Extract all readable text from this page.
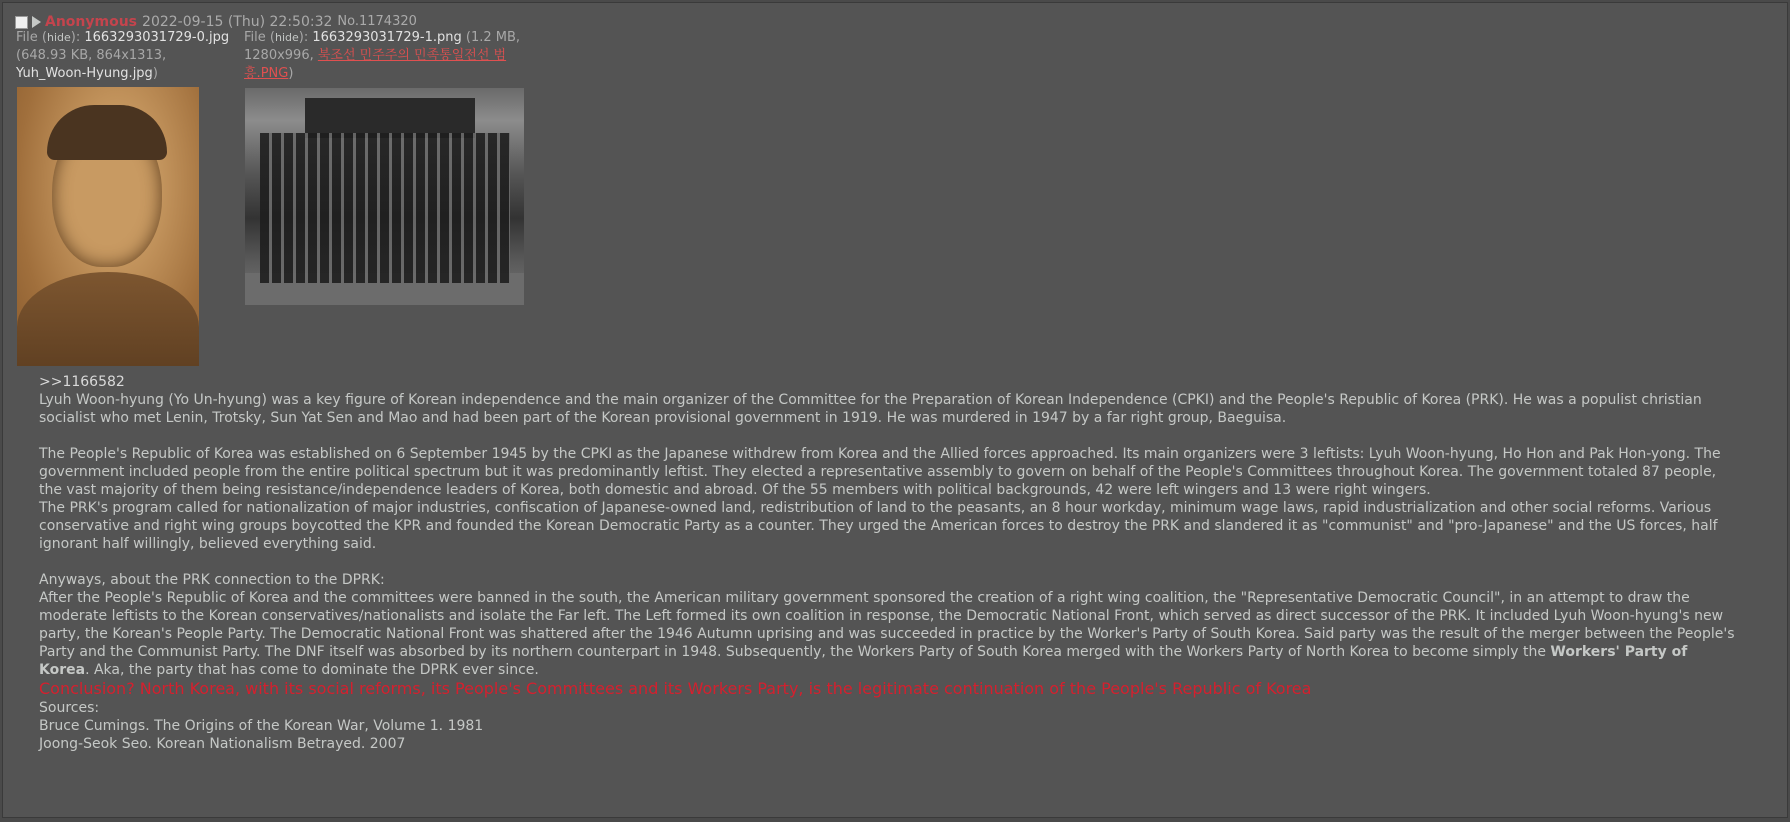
Anonymous 2022-09-15 (Thu) 22:50:32 No.1174320
File (hide): 1663293031729-0.jpg
(648.93 KB, 864x1313,
Yuh_Woon-Hyung.jpg)
File (hide): 1663293031729-1.png (1.2 MB,
1280x996, 북조선 민주주의 민족통일전선 범 흥.PNG)

>>1166582

Lyuh Woon-hyung (Yo Un-hyung) was a key figure of Korean independence and the main organizer of the Committee for the Preparation of Korean Independence (CPKI) and the People's Republic of Korea (PRK). He was a populist christian socialist who met Lenin, Trotsky, Sun Yat Sen and Mao and had been part of the Korean provisional government in 1919. He was murdered in 1947 by a far right group, Baeguisa.

The People's Republic of Korea was established on 6 September 1945 by the CPKI as the Japanese withdrew from Korea and the Allied forces approached. Its main organizers were 3 leftists: Lyuh Woon-hyung, Ho Hon and Pak Hon-yong. The government included people from the entire political spectrum but it was predominantly leftist. They elected a representative assembly to govern on behalf of the People's Committees throughout Korea. The government totaled 87 people, the vast majority of them being resistance/independence leaders of Korea, both domestic and abroad. Of the 55 members with political backgrounds, 42 were left wingers and 13 were right wingers.

The PRK's program called for nationalization of major industries, confiscation of Japanese-owned land, redistribution of land to the peasants, an 8 hour workday, minimum wage laws, rapid industrialization and other social reforms. Various conservative and right wing groups boycotted the KPR and founded the Korean Democratic Party as a counter. They urged the American forces to destroy the PRK and slandered it as "communist" and "pro-Japanese" and the US forces, half ignorant half willingly, believed everything said.

Anyways, about the PRK connection to the DPRK:

After the People's Republic of Korea and the committees were banned in the south, the American military government sponsored the creation of a right wing coalition, the "Representative Democratic Council", in an attempt to draw the moderate leftists to the Korean conservatives/nationalists and isolate the Far left. The Left formed its own coalition in response, the Democratic National Front, which served as direct successor of the PRK. It included Lyuh Woon-hyung's new party, the Korean's People Party. The Democratic National Front was shattered after the 1946 Autumn uprising and was succeeded in practice by the Worker's Party of South Korea. Said party was the result of the merger between the People's Party and the Communist Party. The DNF itself was absorbed by its northern counterpart in 1948. Subsequently, the Workers Party of South Korea merged with the Workers Party of North Korea to become simply the Workers' Party of Korea. Aka, the party that has come to dominate the DPRK ever since.

Conclusion? North Korea, with its social reforms, its People's Committees and its Workers Party, is the legitimate continuation of the People's Republic of Korea

Sources:

Bruce Cumings. The Origins of the Korean War, Volume 1. 1981

Joong-Seok Seo. Korean Nationalism Betrayed. 2007
